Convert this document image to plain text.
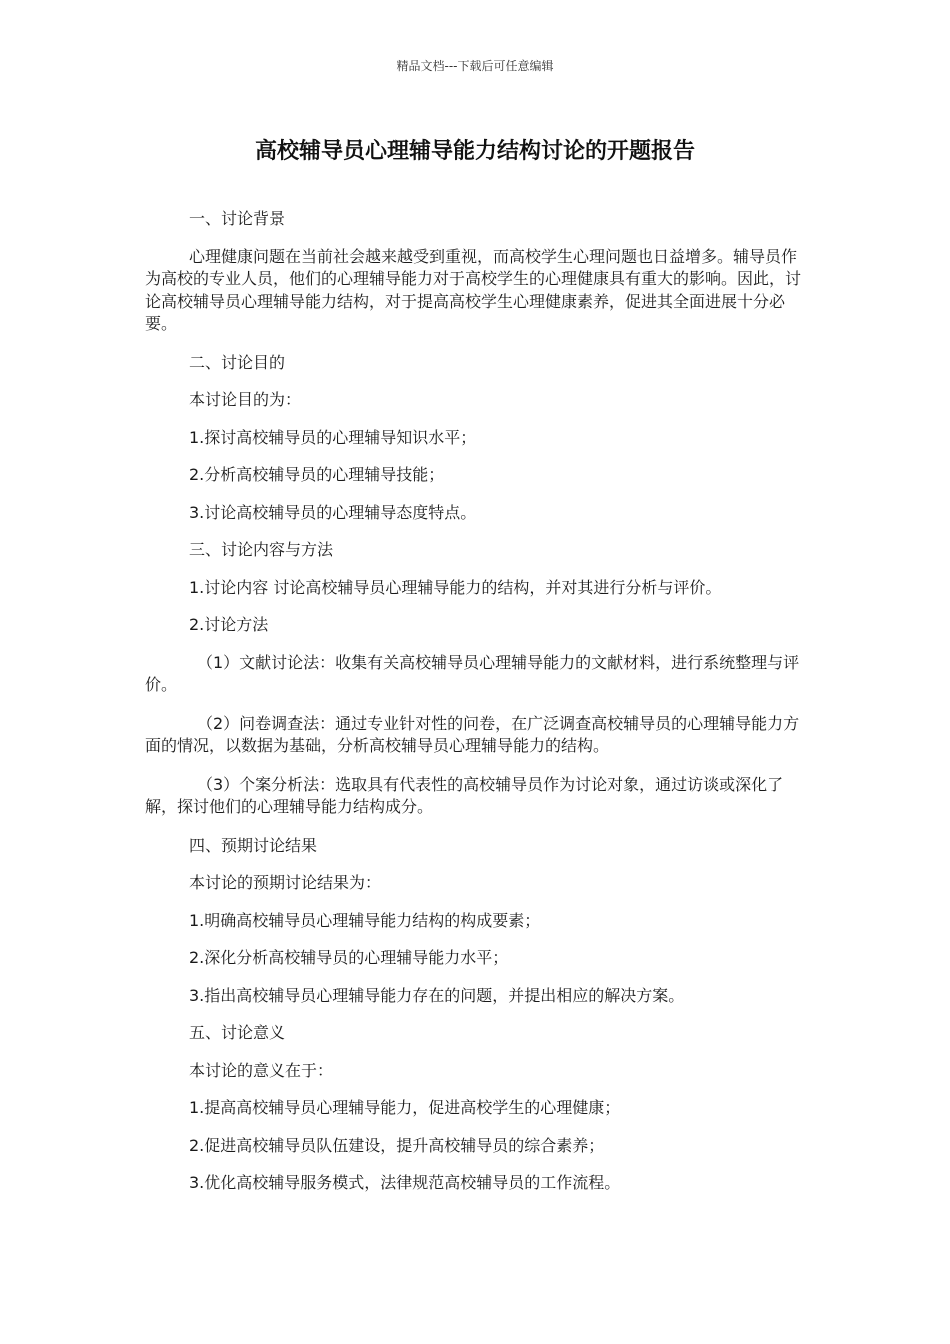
精品文档---下载后可任意编辑
高校辅导员心理辅导能力结构讨论的开题报告

一、讨论背景

心理健康问题在当前社会越来越受到重视，而高校学生心理问题也日益增多。辅导员作为高校的专业人员，他们的心理辅导能力对于高校学生的心理健康具有重大的影响。因此，讨论高校辅导员心理辅导能力结构，对于提高高校学生心理健康素养，促进其全面进展十分必要。

二、讨论目的

本讨论目的为：

1.探讨高校辅导员的心理辅导知识水平；

2.分析高校辅导员的心理辅导技能；

3.讨论高校辅导员的心理辅导态度特点。

三、讨论内容与方法

1.讨论内容 讨论高校辅导员心理辅导能力的结构，并对其进行分析与评价。

2.讨论方法

（1）文献讨论法：收集有关高校辅导员心理辅导能力的文献材料，进行系统整理与评价。

（2）问卷调查法：通过专业针对性的问卷，在广泛调查高校辅导员的心理辅导能力方面的情况，以数据为基础，分析高校辅导员心理辅导能力的结构。

（3）个案分析法：选取具有代表性的高校辅导员作为讨论对象，通过访谈或深化了解，探讨他们的心理辅导能力结构成分。

四、预期讨论结果

本讨论的预期讨论结果为：

1.明确高校辅导员心理辅导能力结构的构成要素；

2.深化分析高校辅导员的心理辅导能力水平；

3.指出高校辅导员心理辅导能力存在的问题，并提出相应的解决方案。

五、讨论意义

本讨论的意义在于：

1.提高高校辅导员心理辅导能力，促进高校学生的心理健康；

2.促进高校辅导员队伍建设，提升高校辅导员的综合素养；

3.优化高校辅导服务模式，法律规范高校辅导员的工作流程。
